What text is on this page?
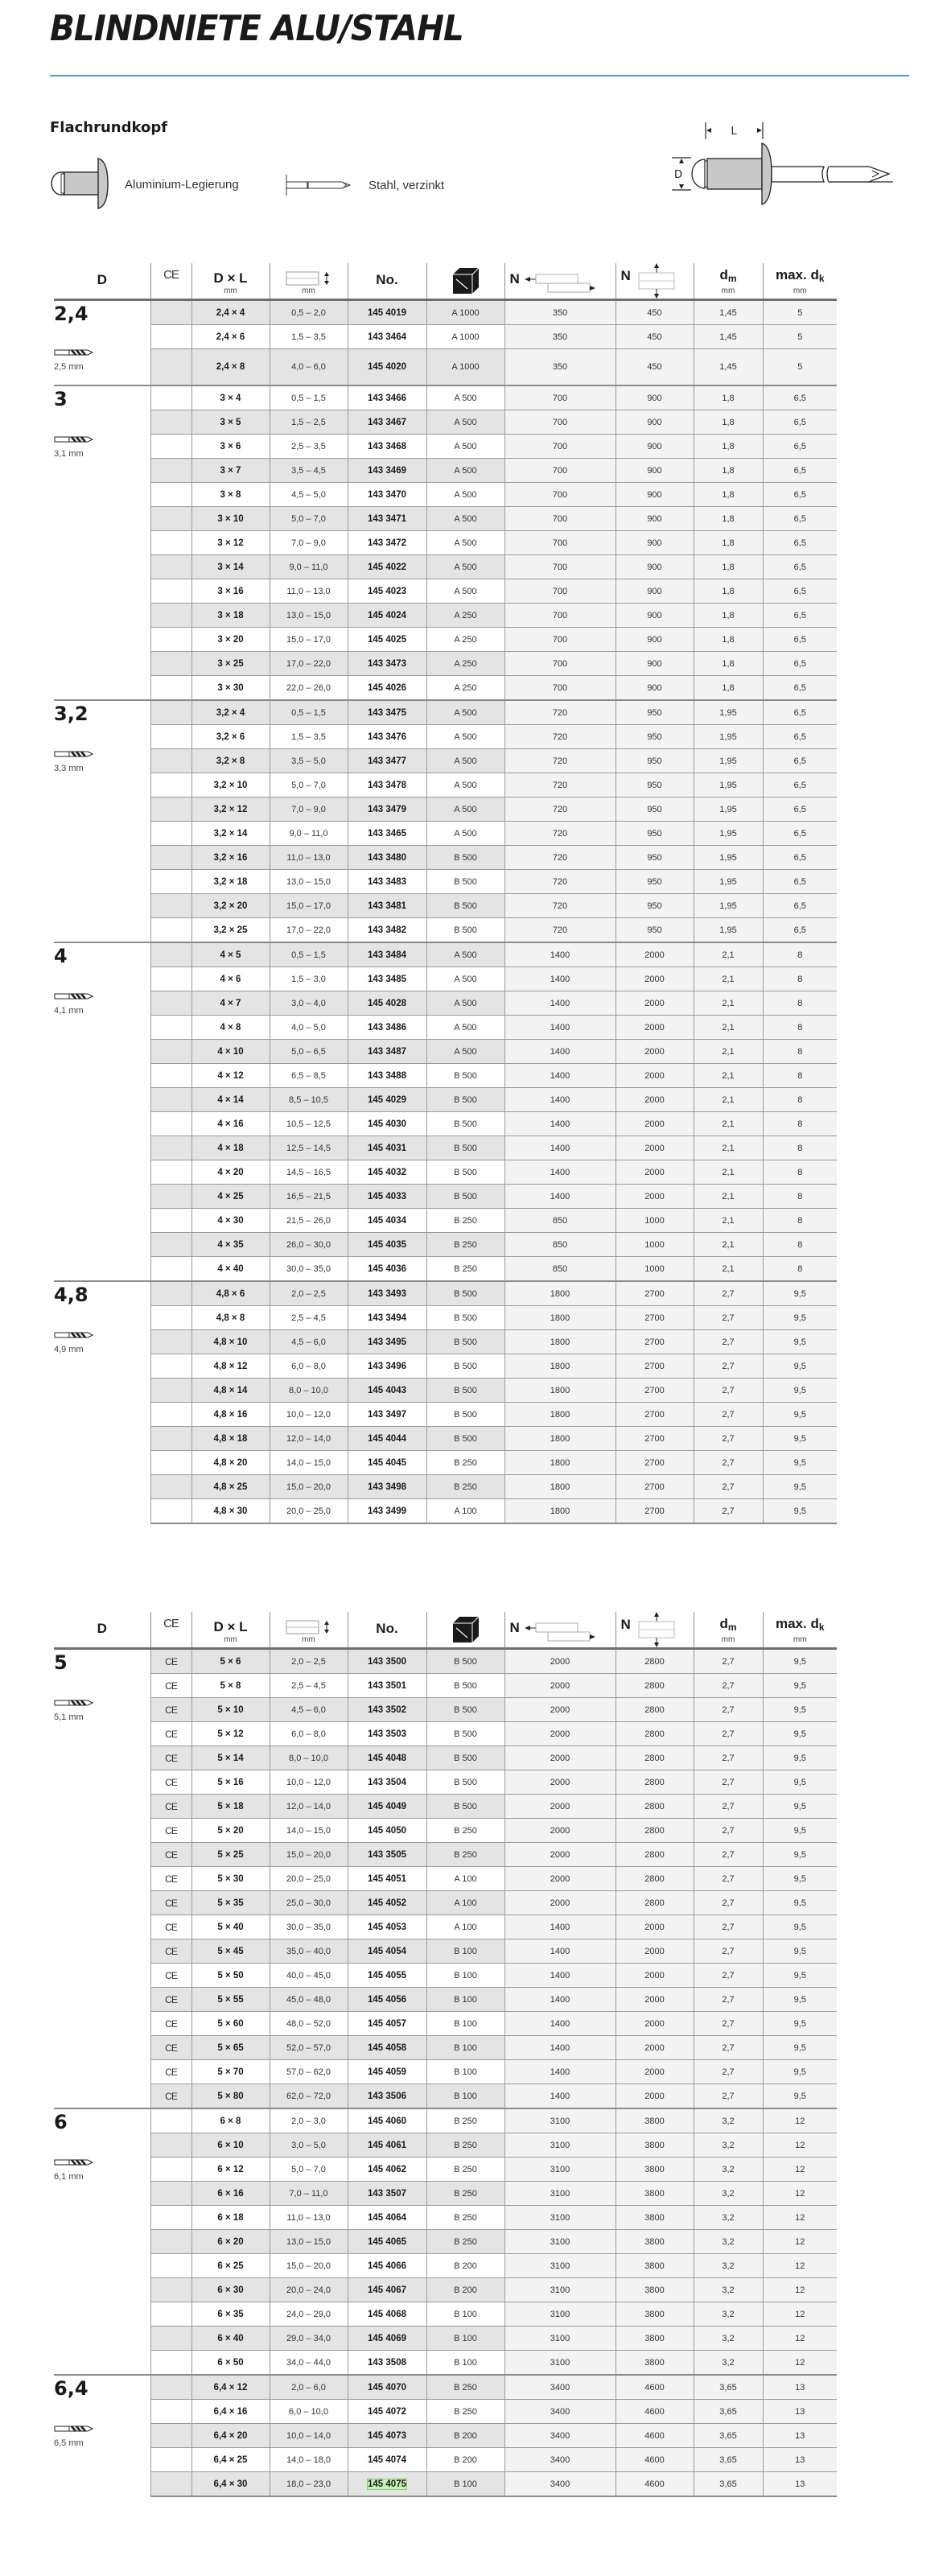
BLINDNIETE ALU/STAHL
Flachrundkopf
Aluminium-Legierung	Stahl, verzinkt
L
D
D	CE	D × L
mm	mm	No.		N	N	$d_m$
mm	max. $d_k$
mm

2,4
2,5 mm		2,4 × 4	0,5 – 2,0	145 4019	A 1000	350	450	1,45	5
		2,4 × 6	1,5 – 3,5	143 3464	A 1000	350	450	1,45	5
		2,4 × 8	4,0 – 6,0	145 4020	A 1000	350	450	1,45	5

3
3,1 mm		3 × 4	0,5 – 1,5	143 3466	A 500	700	900	1,8	6,5
		3 × 5	1,5 – 2,5	143 3467	A 500	700	900	1,8	6,5
		3 × 6	2,5 – 3,5	143 3468	A 500	700	900	1,8	6,5
		3 × 7	3,5 – 4,5	143 3469	A 500	700	900	1,8	6,5
		3 × 8	4,5 – 5,0	143 3470	A 500	700	900	1,8	6,5
		3 × 10	5,0 – 7,0	143 3471	A 500	700	900	1,8	6,5
		3 × 12	7,0 – 9,0	143 3472	A 500	700	900	1,8	6,5
		3 × 14	9,0 – 11,0	145 4022	A 500	700	900	1,8	6,5
		3 × 16	11,0 – 13,0	145 4023	A 500	700	900	1,8	6,5
		3 × 18	13,0 – 15,0	145 4024	A 250	700	900	1,8	6,5
		3 × 20	15,0 – 17,0	145 4025	A 250	700	900	1,8	6,5
		3 × 25	17,0 – 22,0	143 3473	A 250	700	900	1,8	6,5
		3 × 30	22,0 – 26,0	145 4026	A 250	700	900	1,8	6,5

3,2
3,3 mm		3,2 × 4	0,5 – 1,5	143 3475	A 500	720	950	1,95	6,5
		3,2 × 6	1,5 – 3,5	143 3476	A 500	720	950	1,95	6,5
		3,2 × 8	3,5 – 5,0	143 3477	A 500	720	950	1,95	6,5
		3,2 × 10	5,0 – 7,0	143 3478	A 500	720	950	1,95	6,5
		3,2 × 12	7,0 – 9,0	143 3479	A 500	720	950	1,95	6,5
		3,2 × 14	9,0 – 11,0	143 3465	A 500	720	950	1,95	6,5
		3,2 × 16	11,0 – 13,0	143 3480	B 500	720	950	1,95	6,5
		3,2 × 18	13,0 – 15,0	143 3483	B 500	720	950	1,95	6,5
		3,2 × 20	15,0 – 17,0	143 3481	B 500	720	950	1,95	6,5
		3,2 × 25	17,0 – 22,0	143 3482	B 500	720	950	1,95	6,5

4
4,1 mm		4 × 5	0,5 – 1,5	143 3484	A 500	1400	2000	2,1	8
		4 × 6	1,5 – 3,0	143 3485	A 500	1400	2000	2,1	8
		4 × 7	3,0 – 4,0	145 4028	A 500	1400	2000	2,1	8
		4 × 8	4,0 – 5,0	143 3486	A 500	1400	2000	2,1	8
		4 × 10	5,0 – 6,5	143 3487	A 500	1400	2000	2,1	8
		4 × 12	6,5 – 8,5	143 3488	B 500	1400	2000	2,1	8
		4 × 14	8,5 – 10,5	145 4029	B 500	1400	2000	2,1	8
		4 × 16	10,5 – 12,5	145 4030	B 500	1400	2000	2,1	8
		4 × 18	12,5 – 14,5	145 4031	B 500	1400	2000	2,1	8
		4 × 20	14,5 – 16,5	145 4032	B 500	1400	2000	2,1	8
		4 × 25	16,5 – 21,5	145 4033	B 500	1400	2000	2,1	8
		4 × 30	21,5 – 26,0	145 4034	B 250	850	1000	2,1	8
		4 × 35	26,0 – 30,0	145 4035	B 250	850	1000	2,1	8
		4 × 40	30,0 – 35,0	145 4036	B 250	850	1000	2,1	8

4,8
4,9 mm		4,8 × 6	2,0 – 2,5	143 3493	B 500	1800	2700	2,7	9,5
		4,8 × 8	2,5 – 4,5	143 3494	B 500	1800	2700	2,7	9,5
		4,8 × 10	4,5 – 6,0	143 3495	B 500	1800	2700	2,7	9,5
		4,8 × 12	6,0 – 8,0	143 3496	B 500	1800	2700	2,7	9,5
		4,8 × 14	8,0 – 10,0	145 4043	B 500	1800	2700	2,7	9,5
		4,8 × 16	10,0 – 12,0	143 3497	B 500	1800	2700	2,7	9,5
		4,8 × 18	12,0 – 14,0	145 4044	B 500	1800	2700	2,7	9,5
		4,8 × 20	14,0 – 15,0	145 4045	B 250	1800	2700	2,7	9,5
		4,8 × 25	15,0 – 20,0	143 3498	B 250	1800	2700	2,7	9,5
		4,8 × 30	20,0 – 25,0	143 3499	A 100	1800	2700	2,7	9,5
D	CE	D × L
mm	mm	No.		N	N	$d_m$
mm	max. $d_k$
mm

5
5,1 mm	CE	5 × 6	2,0 – 2,5	143 3500	B 500	2000	2800	2,7	9,5
	CE	5 × 8	2,5 – 4,5	143 3501	B 500	2000	2800	2,7	9,5
	CE	5 × 10	4,5 – 6,0	143 3502	B 500	2000	2800	2,7	9,5
	CE	5 × 12	6,0 – 8,0	143 3503	B 500	2000	2800	2,7	9,5
	CE	5 × 14	8,0 – 10,0	145 4048	B 500	2000	2800	2,7	9,5
	CE	5 × 16	10,0 – 12,0	143 3504	B 500	2000	2800	2,7	9,5
	CE	5 × 18	12,0 – 14,0	145 4049	B 500	2000	2800	2,7	9,5
	CE	5 × 20	14,0 – 15,0	145 4050	B 250	2000	2800	2,7	9,5
	CE	5 × 25	15,0 – 20,0	143 3505	B 250	2000	2800	2,7	9,5
	CE	5 × 30	20,0 – 25,0	145 4051	A 100	2000	2800	2,7	9,5
	CE	5 × 35	25,0 – 30,0	145 4052	A 100	2000	2800	2,7	9,5
	CE	5 × 40	30,0 – 35,0	145 4053	A 100	1400	2000	2,7	9,5
	CE	5 × 45	35,0 – 40,0	145 4054	B 100	1400	2000	2,7	9,5
	CE	5 × 50	40,0 – 45,0	145 4055	B 100	1400	2000	2,7	9,5
	CE	5 × 55	45,0 – 48,0	145 4056	B 100	1400	2000	2,7	9,5
	CE	5 × 60	48,0 – 52,0	145 4057	B 100	1400	2000	2,7	9,5
	CE	5 × 65	52,0 – 57,0	145 4058	B 100	1400	2000	2,7	9,5
	CE	5 × 70	57,0 – 62,0	145 4059	B 100	1400	2000	2,7	9,5
	CE	5 × 80	62,0 – 72,0	143 3506	B 100	1400	2000	2,7	9,5

6
6,1 mm		6 × 8	2,0 – 3,0	145 4060	B 250	3100	3800	3,2	12
		6 × 10	3,0 – 5,0	145 4061	B 250	3100	3800	3,2	12
		6 × 12	5,0 – 7,0	145 4062	B 250	3100	3800	3,2	12
		6 × 16	7,0 – 11,0	143 3507	B 250	3100	3800	3,2	12
		6 × 18	11,0 – 13,0	145 4064	B 250	3100	3800	3,2	12
		6 × 20	13,0 – 15,0	145 4065	B 250	3100	3800	3,2	12
		6 × 25	15,0 – 20,0	145 4066	B 200	3100	3800	3,2	12
		6 × 30	20,0 – 24,0	145 4067	B 200	3100	3800	3,2	12
		6 × 35	24,0 – 29,0	145 4068	B 100	3100	3800	3,2	12
		6 × 40	29,0 – 34,0	145 4069	B 100	3100	3800	3,2	12
		6 × 50	34,0 – 44,0	143 3508	B 100	3100	3800	3,2	12

6,4
6,5 mm		6,4 × 12	2,0 – 6,0	145 4070	B 250	3400	4600	3,65	13
		6,4 × 16	6,0 – 10,0	145 4072	B 250	3400	4600	3,65	13
		6,4 × 20	10,0 – 14,0	145 4073	B 200	3400	4600	3,65	13
		6,4 × 25	14,0 – 18,0	145 4074	B 200	3400	4600	3,65	13
		6,4 × 30	18,0 – 23,0	145 4075	B 100	3400	4600	3,65	13
